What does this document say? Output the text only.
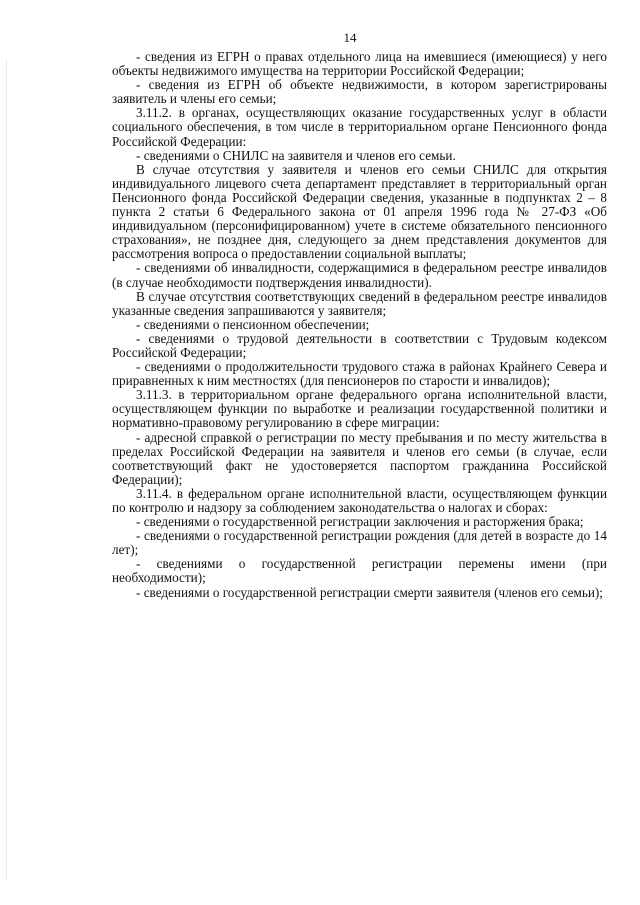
14

- сведения из ЕГРН о правах отдельного лица на имевшиеся (имеющиеся) у него объекты недвижимого имущества на территории Российской Федерации;

- сведения из ЕГРН об объекте недвижимости, в котором зарегистрированы заявитель и члены его семьи;

3.11.2. в органах, осуществляющих оказание государственных услуг в области социального обеспечения, в том числе в территориальном органе Пенсионного фонда Российской Федерации:

- сведениями о СНИЛС на заявителя и членов его семьи.

В случае отсутствия у заявителя и членов его семьи СНИЛС для открытия индивидуального лицевого счета департамент представляет в территориальный орган Пенсионного фонда Российской Федерации сведения, указанные в подпунктах 2 – 8 пункта 2 статьи 6 Федерального закона от 01 апреля 1996 года № 27-ФЗ «Об индивидуальном (персонифицированном) учете в системе обязательного пенсионного страхования», не позднее дня, следующего за днем представления документов для рассмотрения вопроса о предоставлении социальной выплаты;

- сведениями об инвалидности, содержащимися в федеральном реестре инвалидов (в случае необходимости подтверждения инвалидности).

В случае отсутствия соответствующих сведений в федеральном реестре инвалидов указанные сведения запрашиваются у заявителя;

- сведениями о пенсионном обеспечении;

- сведениями о трудовой деятельности в соответствии с Трудовым кодексом Российской Федерации;

- сведениями о продолжительности трудового стажа в районах Крайнего Севера и приравненных к ним местностях (для пенсионеров по старости и инвалидов);

3.11.3. в территориальном органе федерального органа исполнительной власти, осуществляющем функции по выработке и реализации государственной политики и нормативно-правовому регулированию в сфере миграции:

- адресной справкой о регистрации по месту пребывания и по месту жительства в пределах Российской Федерации на заявителя и членов его семьи (в случае, если соответствующий факт не удостоверяется паспортом гражданина Российской Федерации);

3.11.4. в федеральном органе исполнительной власти, осуществляющем функции по контролю и надзору за соблюдением законодательства о налогах и сборах:

- сведениями о государственной регистрации заключения и расторжения брака;

- сведениями о государственной регистрации рождения (для детей в возрасте до 14 лет);

- сведениями о государственной регистрации перемены имени (при необходимости);

- сведениями о государственной регистрации смерти заявителя (членов его семьи);
